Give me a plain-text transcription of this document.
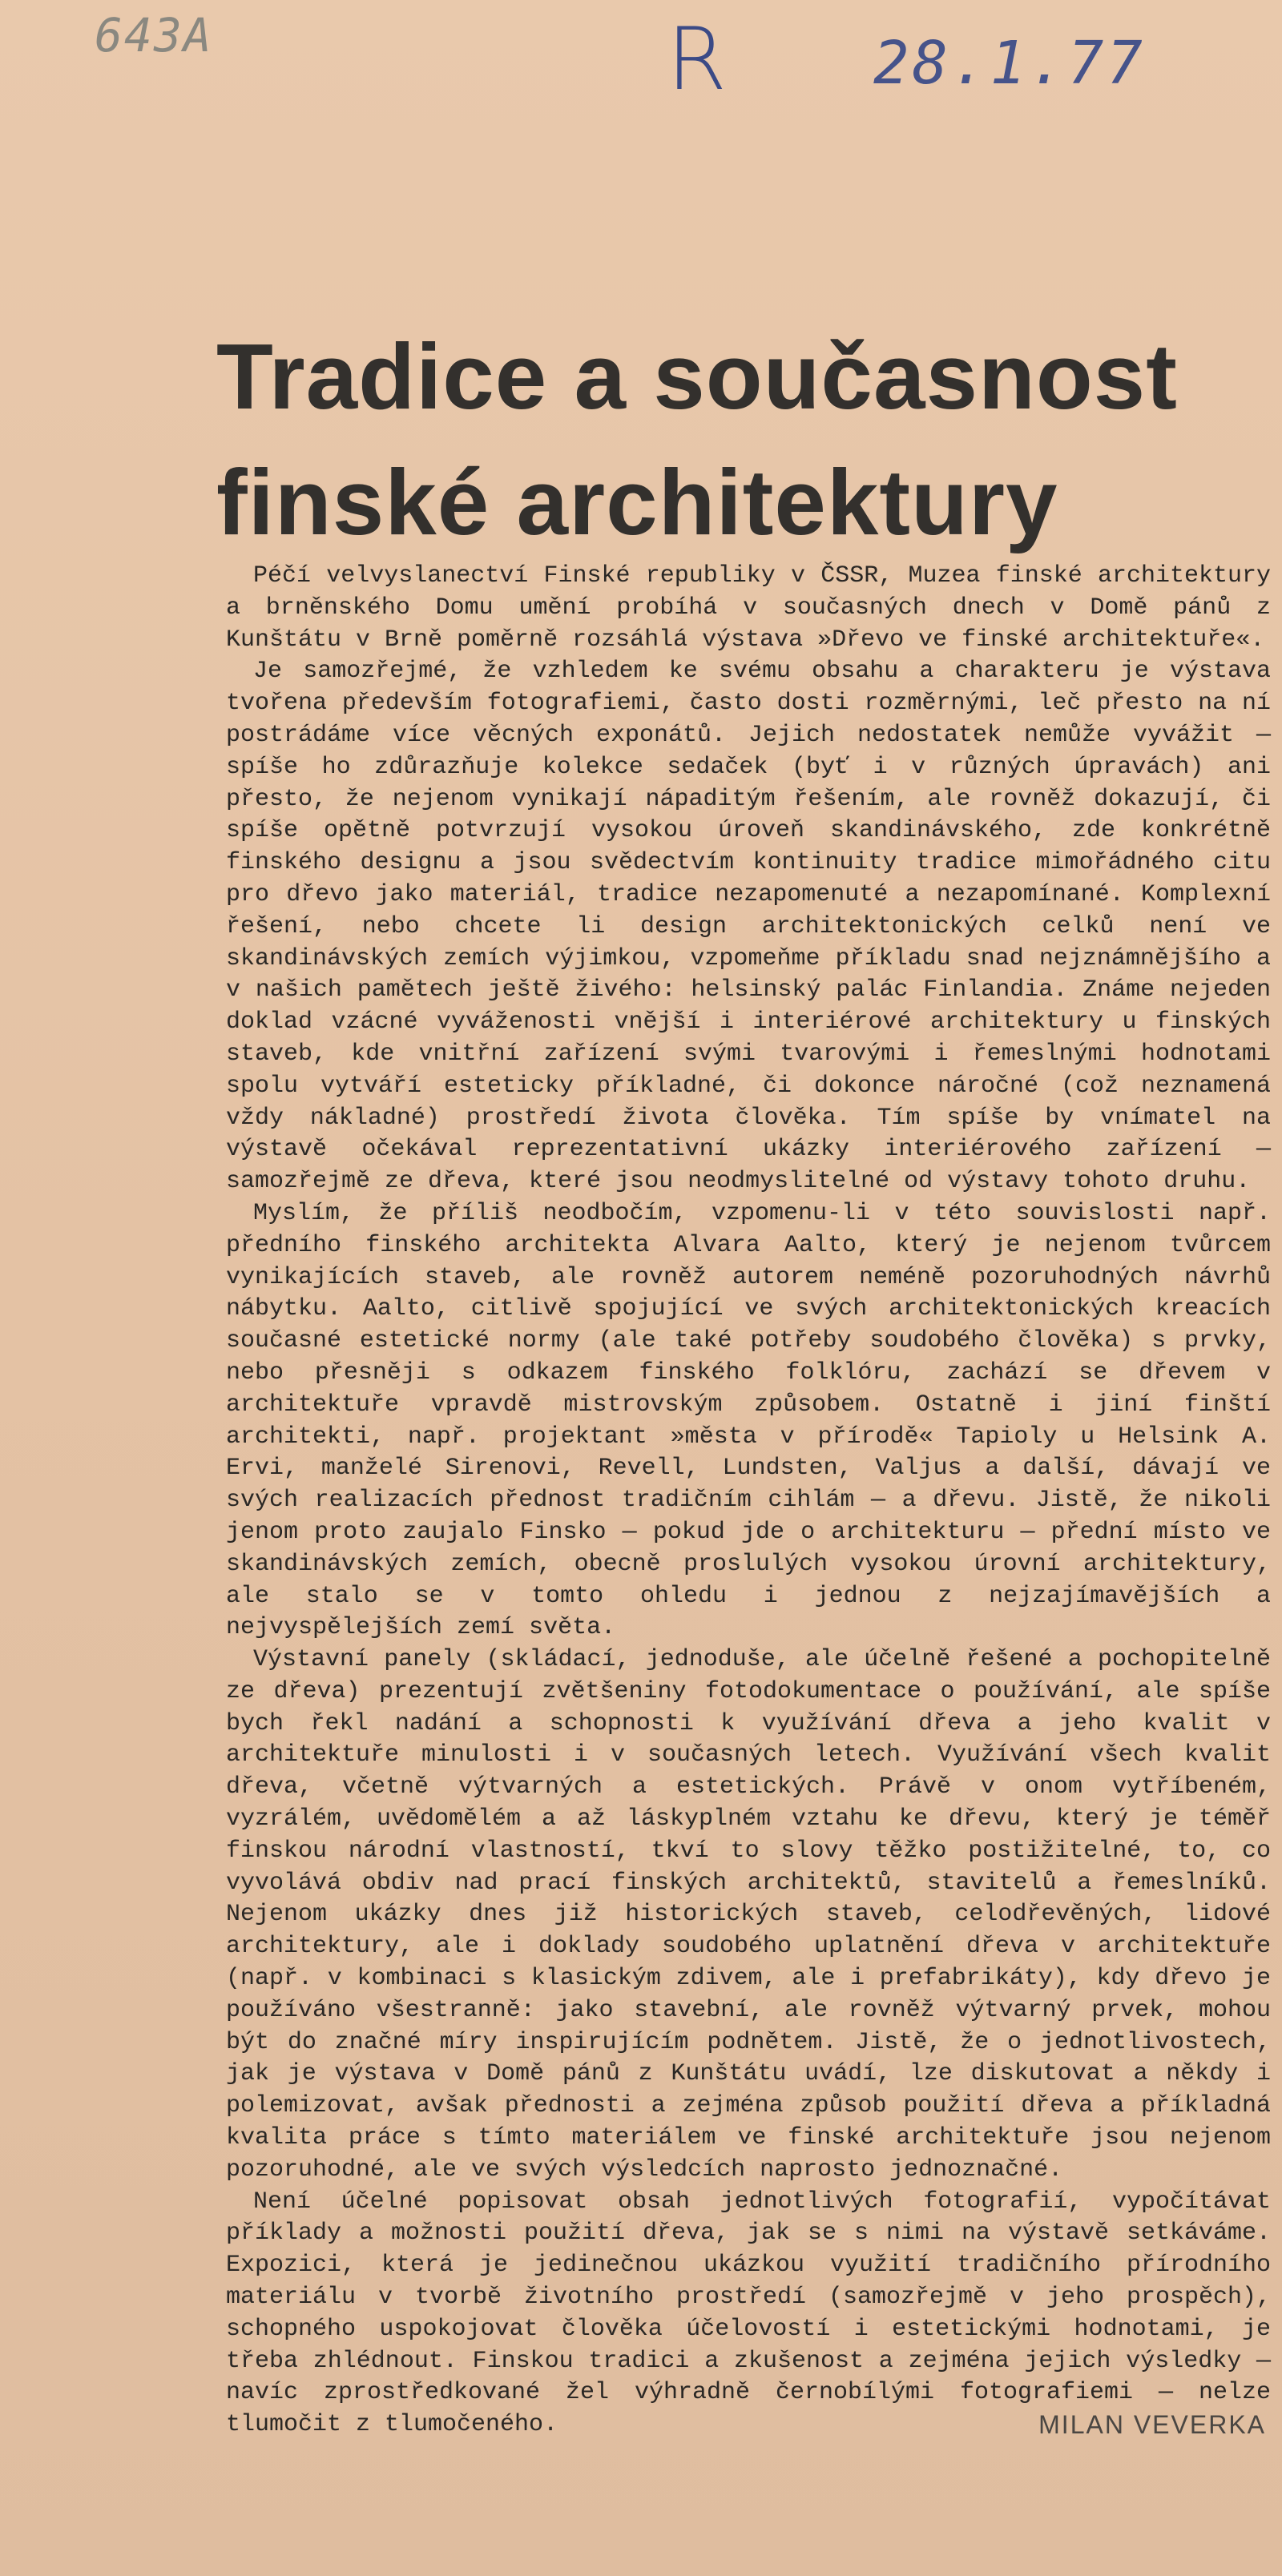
643A	R 28.1.77
Tradice a současnost
finské architektury

Péčí velvyslanectví Finské republiky v ČSSR, Muzea finské architektury a brněnského Domu umění probíhá v současných dnech v Domě pánů z Kunštátu v Brně poměrně rozsáhlá výstava »Dřevo ve finské architektuře«.

Je samozřejmé, že vzhledem ke svému obsahu a charakteru je výstava tvořena především fotografiemi, často dosti rozměrnými, leč přesto na ní postrádáme více věcných exponátů. Jejich nedostatek nemůže vyvážit — spíše ho zdůrazňuje kolekce sedaček (byť i v různých úpravách) ani přesto, že nejenom vynikají nápaditým řešením, ale rovněž dokazují, či spíše opětně potvrzují vysokou úroveň skandinávského, zde konkrétně finského designu a jsou svědectvím kontinuity tradice mimořádného citu pro dřevo jako materiál, tradice nezapomenuté a nezapomínané. Komplexní řešení, nebo chcete li design architektonických celků není ve skandinávských zemích výjimkou, vzpomeňme příkladu snad nejznámnějšího a v našich pamětech ještě živého: helsinský palác Finlandia. Známe nejeden doklad vzácné vyváženosti vnější i interiérové architektury u finských staveb, kde vnitřní zařízení svými tvarovými i řemeslnými hodnotami spolu vytváří esteticky příkladné, či dokonce náročné (což neznamená vždy nákladné) prostředí života člověka. Tím spíše by vnímatel na výstavě očekával reprezentativní ukázky interiérového zařízení — samozřejmě ze dřeva, které jsou neodmyslitelné od výstavy tohoto druhu.

Myslím, že příliš neodbočím, vzpomenu-li v této souvislosti např. předního finského architekta Alvara Aalto, který je nejenom tvůrcem vynikajících staveb, ale rovněž autorem neméně pozoruhodných návrhů nábytku. Aalto, citlivě spojující ve svých architektonických kreacích současné estetické normy (ale také potřeby soudobého člověka) s prvky, nebo přesněji s odkazem finského folklóru, zachází se dřevem v architektuře vpravdě mistrovským způsobem. Ostatně i jiní finští architekti, např. projektant »města v přírodě« Tapioly u Helsink A. Ervi, manželé Sirenovi, Revell, Lundsten, Valjus a další, dávají ve svých realizacích přednost tradičním cihlám — a dřevu. Jistě, že nikoli jenom proto zaujalo Finsko — pokud jde o architekturu — přední místo ve skandinávských zemích, obecně proslulých vysokou úrovní architektury, ale stalo se v tomto ohledu i jednou z nejzajímavějších a nejvyspělejších zemí světa.

Výstavní panely (skládací, jednoduše, ale účelně řešené a pochopitelně ze dřeva) prezentují zvětšeniny fotodokumentace o používání, ale spíše bych řekl nadání a schopnosti k využívání dřeva a jeho kvalit v architektuře minulosti i v současných letech. Využívání všech kvalit dřeva, včetně výtvarných a estetických. Právě v onom vytříbeném, vyzrálém, uvědomělém a až láskyplném vztahu ke dřevu, který je téměř finskou národní vlastností, tkví to slovy těžko postižitelné, to, co vyvolává obdiv nad prací finských architektů, stavitelů a řemeslníků. Nejenom ukázky dnes již historických staveb, celodřevěných, lidové architektury, ale i doklady soudobého uplatnění dřeva v architektuře (např. v kombinaci s klasickým zdivem, ale i prefabrikáty), kdy dřevo je používáno všestranně: jako stavební, ale rovněž výtvarný prvek, mohou být do značné míry inspirujícím podnětem. Jistě, že o jednotlivostech, jak je výstava v Domě pánů z Kunštátu uvádí, lze diskutovat a někdy i polemizovat, avšak přednosti a zejména způsob použití dřeva a příkladná kvalita práce s tímto materiálem ve finské architektuře jsou nejenom pozoruhodné, ale ve svých výsledcích naprosto jednoznačné.

Není účelné popisovat obsah jednotlivých fotografií, vypočítávat příklady a možnosti použití dřeva, jak se s nimi na výstavě setkáváme. Expozici, která je jedinečnou ukázkou využití tradičního přírodního materiálu v tvorbě životního prostředí (samozřejmě v jeho prospěch), schopného uspokojovat člověka účelovostí i estetickými hodnotami, je třeba zhlédnout. Finskou tradici a zkušenost a zejména jejich výsledky — navíc zprostředkované žel výhradně černobílými fotografiemi — nelze tlumočit z tlumočeného.	MILAN VEVERKA
